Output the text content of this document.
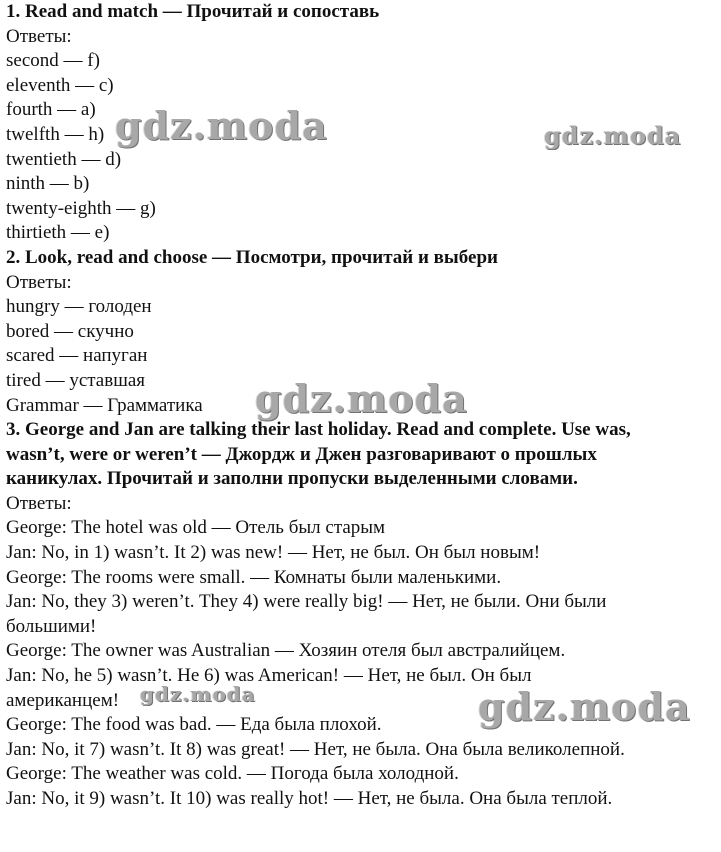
1. Read and match — Прочитай и сопоставь
Ответы:
second — f)
eleventh — c)
fourth — a)
twelfth — h)
twentieth — d)
ninth — b)
twenty-eighth — g)
thirtieth — e)
2. Look, read and choose — Посмотри, прочитай и выбери
Ответы:
hungry — голоден
bored — скучно
scared — напуган
tired — уставшая
Grammar — Грамматика
3. George and Jan are talking their last holiday. Read and complete. Use was,
wasn’t, were or weren’t — Джордж и Джен разговаривают о прошлых
каникулах. Прочитай и заполни пропуски выделенными словами.
Ответы:
George: The hotel was old — Отель был старым
Jan: No, in 1) wasn’t. It 2) was new! — Нет, не был. Он был новым!
George: The rooms were small. — Комнаты были маленькими.
Jan: No, they 3) weren’t. They 4) were really big! — Нет, не были. Они были
большими!
George: The owner was Australian — Хозяин отеля был австралийцем.
Jan: No, he 5) wasn’t. He 6) was American! — Нет, не был. Он был
американцем!
George: The food was bad. — Еда была плохой.
Jan: No, it 7) wasn’t. It 8) was great! — Нет, не была. Она была великолепной.
George: The weather was cold. — Погода была холодной.
Jan: No, it 9) wasn’t. It 10) was really hot! — Нет, не была. Она была теплой.
gdz.moda	gdz.moda
gdz.moda
gdz.moda	gdz.moda
